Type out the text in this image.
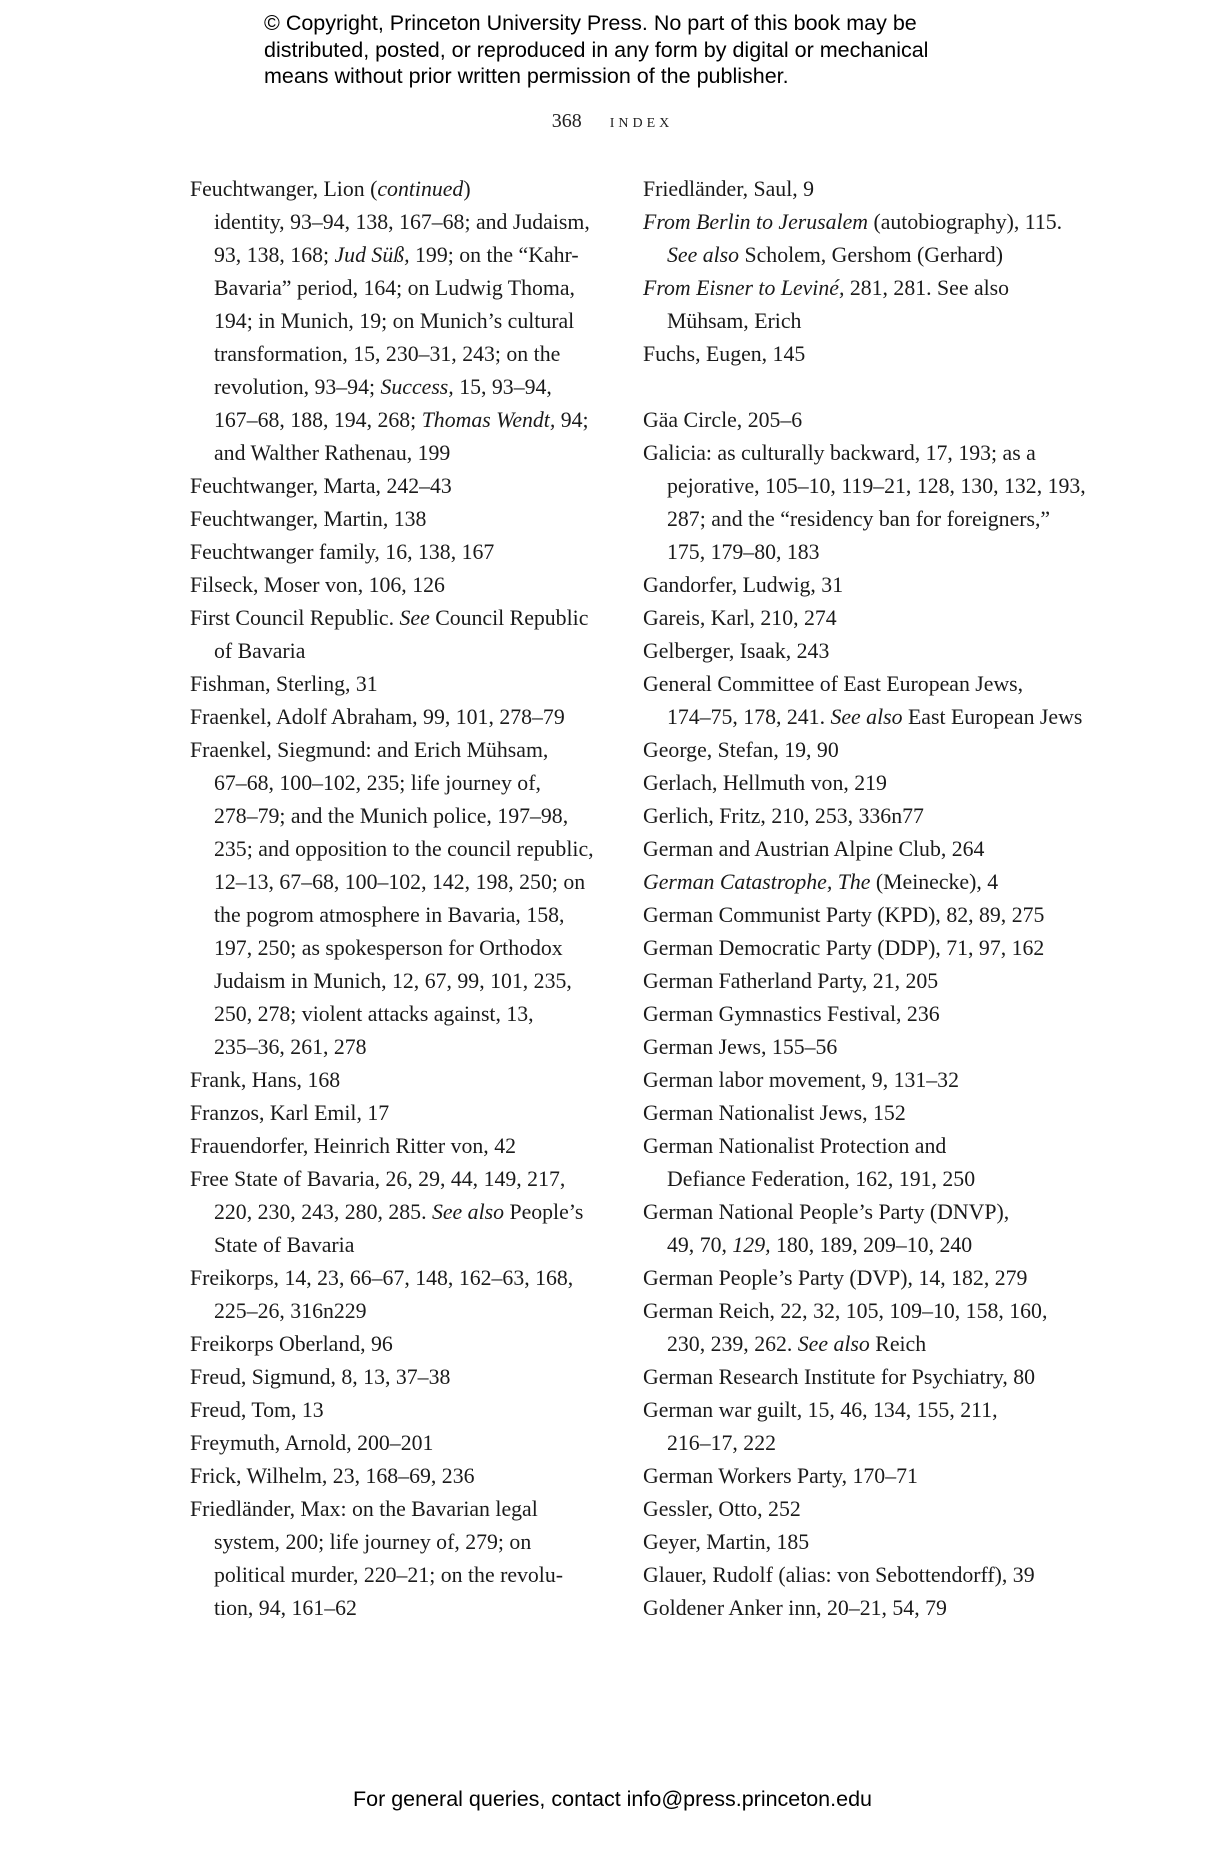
© Copyright, Princeton University Press. No part of this book may be
distributed, posted, or reproduced in any form by digital or mechanical
means without prior written permission of the publisher.
368 index
Feuchtwanger, Lion (continued)
identity, 93–94, 138, 167–68; and Judaism,
93, 138, 168; Jud Süß, 199; on the “Kahr-
Bavaria” period, 164; on Ludwig Thoma,
194; in Munich, 19; on Munich’s cultural
transformation, 15, 230–31, 243; on the
revolution, 93–94; Success, 15, 93–94,
167–68, 188, 194, 268; Thomas Wendt, 94;
and Walther Rathenau, 199
Feuchtwanger, Marta, 242–43
Feuchtwanger, Martin, 138
Feuchtwanger family, 16, 138, 167
Filseck, Moser von, 106, 126
First Council Republic. See Council Republic
of Bavaria
Fishman, Sterling, 31
Fraenkel, Adolf Abraham, 99, 101, 278–79
Fraenkel, Siegmund: and Erich Mühsam,
67–68, 100–102, 235; life journey of,
278–79; and the Munich police, 197–98,
235; and opposition to the council republic,
12–13, 67–68, 100–102, 142, 198, 250; on
the pogrom atmosphere in Bavaria, 158,
197, 250; as spokesperson for Orthodox
Judaism in Munich, 12, 67, 99, 101, 235,
250, 278; violent attacks against, 13,
235–36, 261, 278
Frank, Hans, 168
Franzos, Karl Emil, 17
Frauendorfer, Heinrich Ritter von, 42
Free State of Bavaria, 26, 29, 44, 149, 217,
220, 230, 243, 280, 285. See also People’s
State of Bavaria
Freikorps, 14, 23, 66–67, 148, 162–63, 168,
225–26, 316n229
Freikorps Oberland, 96
Freud, Sigmund, 8, 13, 37–38
Freud, Tom, 13
Freymuth, Arnold, 200–201
Frick, Wilhelm, 23, 168–69, 236
Friedländer, Max: on the Bavarian legal
system, 200; life journey of, 279; on
political murder, 220–21; on the revolu-
tion, 94, 161–62
Friedländer, Saul, 9
From Berlin to Jerusalem (autobiography), 115.
See also Scholem, Gershom (Gerhard)
From Eisner to Leviné, 281, 281. See also
Mühsam, Erich
Fuchs, Eugen, 145
Gäa Circle, 205–6
Galicia: as culturally backward, 17, 193; as a
pejorative, 105–10, 119–21, 128, 130, 132, 193,
287; and the “residency ban for foreigners,”
175, 179–80, 183
Gandorfer, Ludwig, 31
Gareis, Karl, 210, 274
Gelberger, Isaak, 243
General Committee of East European Jews,
174–75, 178, 241. See also East European Jews
George, Stefan, 19, 90
Gerlach, Hellmuth von, 219
Gerlich, Fritz, 210, 253, 336n77
German and Austrian Alpine Club, 264
German Catastrophe, The (Meinecke), 4
German Communist Party (KPD), 82, 89, 275
German Democratic Party (DDP), 71, 97, 162
German Fatherland Party, 21, 205
German Gymnastics Festival, 236
German Jews, 155–56
German labor movement, 9, 131–32
German Nationalist Jews, 152
German Nationalist Protection and
Defiance Federation, 162, 191, 250
German National People’s Party (DNVP),
49, 70, 129, 180, 189, 209–10, 240
German People’s Party (DVP), 14, 182, 279
German Reich, 22, 32, 105, 109–10, 158, 160,
230, 239, 262. See also Reich
German Research Institute for Psychiatry, 80
German war guilt, 15, 46, 134, 155, 211,
216–17, 222
German Workers Party, 170–71
Gessler, Otto, 252
Geyer, Martin, 185
Glauer, Rudolf (alias: von Sebottendorff), 39
Goldener Anker inn, 20–21, 54, 79
For general queries, contact info@press.princeton.edu
